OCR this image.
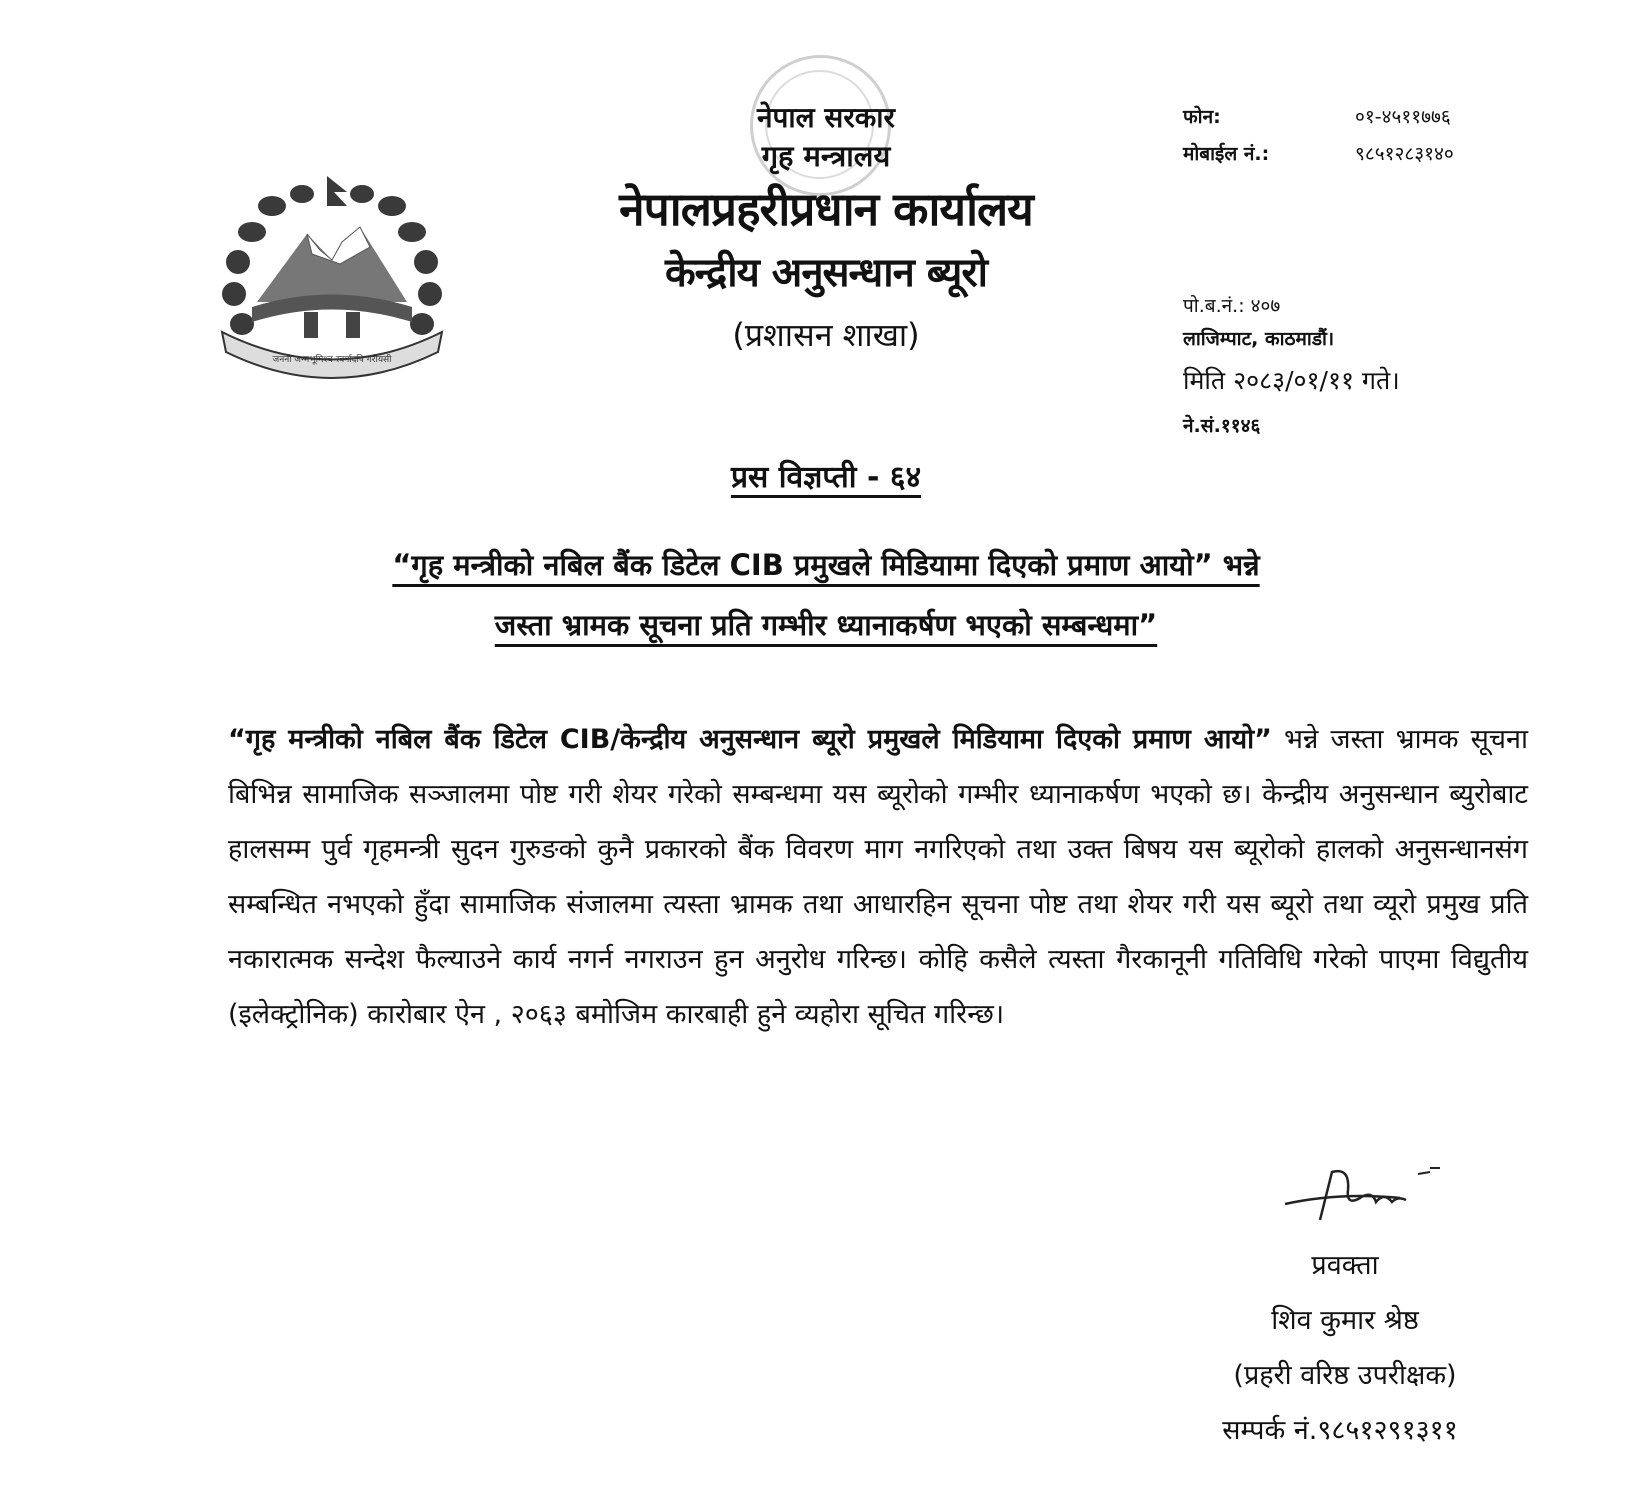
जननी जन्मभूमिश्च स्वर्गादपि गरीयसी
नेपाल सरकार
गृह मन्त्रालय
नेपालप्रहरीप्रधान कार्यालय
केन्द्रीय अनुसन्धान ब्यूरो
(प्रशासन शाखा)
फोन:	०१-४५११७७६
मोबाईल नं.:	९८५१२८३१४०
पो.ब.नं.: ४०७
लाजिम्पाट, काठमाडौं।
मिति २०८३/०१/११ गते।
ने.सं.११४६
प्रस विज्ञप्ती - ६४
“गृह मन्त्रीको नबिल बैंक डिटेल CIB प्रमुखले मिडियामा दिएको प्रमाण आयो” भन्ने
जस्ता भ्रामक सूचना प्रति गम्भीर ध्यानाकर्षण भएको सम्बन्धमा”
“गृह मन्त्रीको नबिल बैंक डिटेल CIB/केन्द्रीय अनुसन्धान ब्यूरो प्रमुखले मिडियामा दिएको प्रमाण आयो” भन्ने जस्ता भ्रामक सूचना बिभिन्न सामाजिक सञ्जालमा पोष्ट गरी शेयर गरेको सम्बन्धमा यस ब्यूरोको गम्भीर ध्यानाकर्षण भएको छ। केन्द्रीय अनुसन्धान ब्युरोबाट हालसम्म पुर्व गृहमन्त्री सुदन गुरुङको कुनै प्रकारको बैंक विवरण माग नगरिएको तथा उक्त बिषय यस ब्यूरोको हालको अनुसन्धानसंग सम्बन्धित नभएको हुँदा सामाजिक संजालमा त्यस्ता भ्रामक तथा आधारहिन सूचना पोष्ट तथा शेयर गरी यस ब्यूरो तथा व्यूरो प्रमुख प्रति नकारात्मक सन्देश फैल्याउने कार्य नगर्न नगराउन हुन अनुरोध गरिन्छ। कोहि कसैले त्यस्ता गैरकानूनी गतिविधि गरेको पाएमा विद्युतीय (इलेक्ट्रोनिक) कारोबार ऐन , २०६३ बमोजिम कारबाही हुने व्यहोरा सूचित गरिन्छ।
प्रवक्ता
शिव कुमार श्रेष्ठ
(प्रहरी वरिष्ठ उपरीक्षक)
सम्पर्क नं.९८५१२९१३११
